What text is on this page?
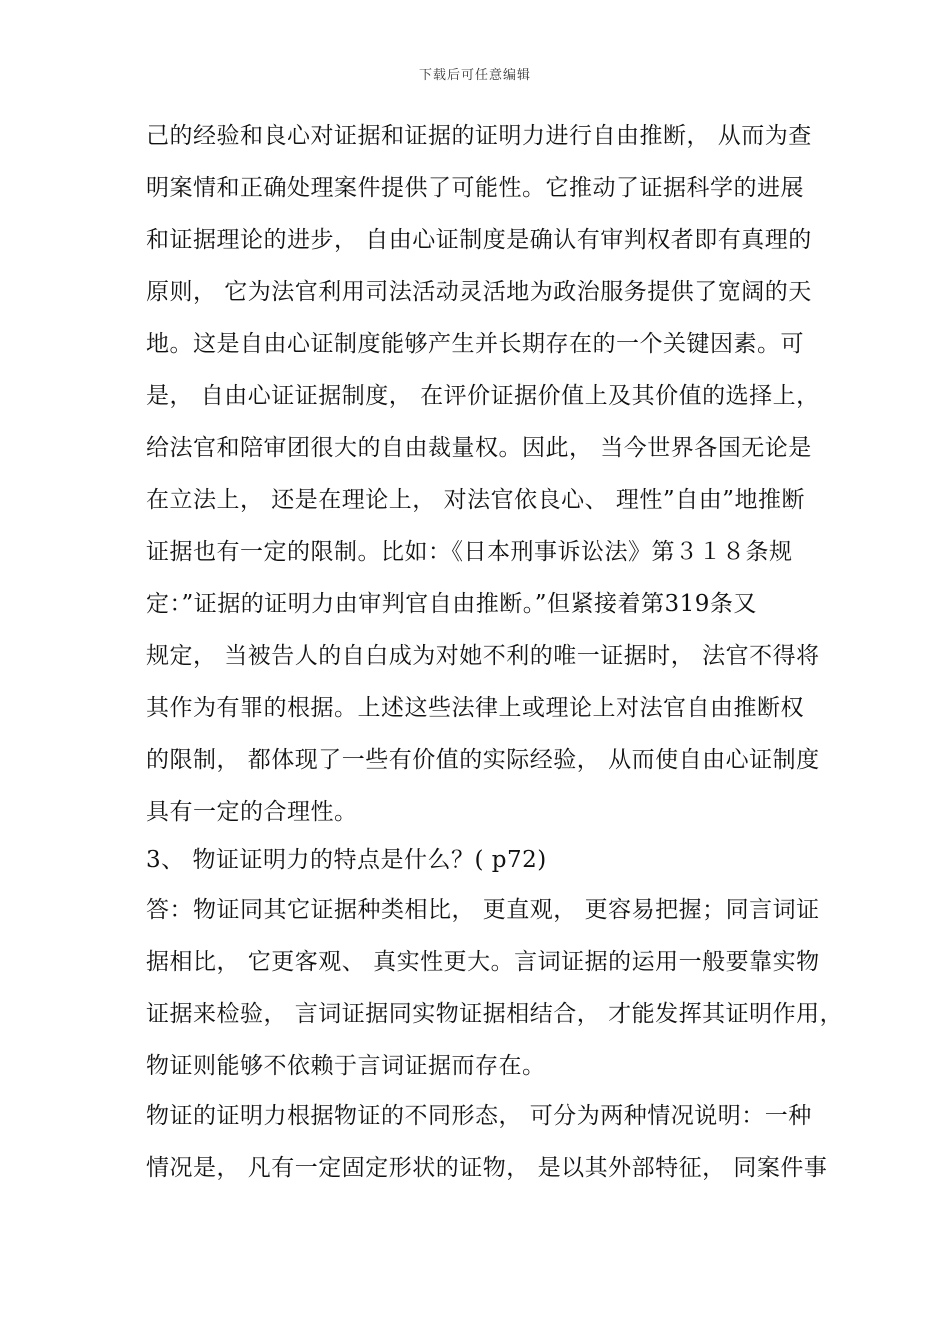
下载后可任意编辑
己的经验和良心对证据和证据的证明力进行自由推断， 从而为查
明案情和正确处理案件提供了可能性。它推动了证据科学的进展
和证据理论的进步， 自由心证制度是确认有审判权者即有真理的
原则， 它为法官利用司法活动灵活地为政治服务提供了宽阔的天
地。这是自由心证制度能够产生并长期存在的一个关键因素。可
是， 自由心证证据制度， 在评价证据价值上及其价值的选择上，
给法官和陪审团很大的自由裁量权。因此， 当今世界各国无论是
在立法上， 还是在理论上， 对法官依良心、 理性”自由”地推断
证据也有一定的限制。比如：《日本刑事诉讼法》第３１８条规
定：”证据的证明力由审判官自由推断。”但紧接着第319条又
规定， 当被告人的自白成为对她不利的唯一证据时， 法官不得将
其作为有罪的根据。上述这些法律上或理论上对法官自由推断权
的限制， 都体现了一些有价值的实际经验， 从而使自由心证制度
具有一定的合理性。
3、 物证证明力的特点是什么？( p72)
答：物证同其它证据种类相比， 更直观， 更容易把握；同言词证
据相比， 它更客观、 真实性更大。言词证据的运用一般要靠实物
证据来检验， 言词证据同实物证据相结合， 才能发挥其证明作用，
物证则能够不依赖于言词证据而存在。
物证的证明力根据物证的不同形态， 可分为两种情况说明：一种
情况是， 凡有一定固定形状的证物， 是以其外部特征， 同案件事
